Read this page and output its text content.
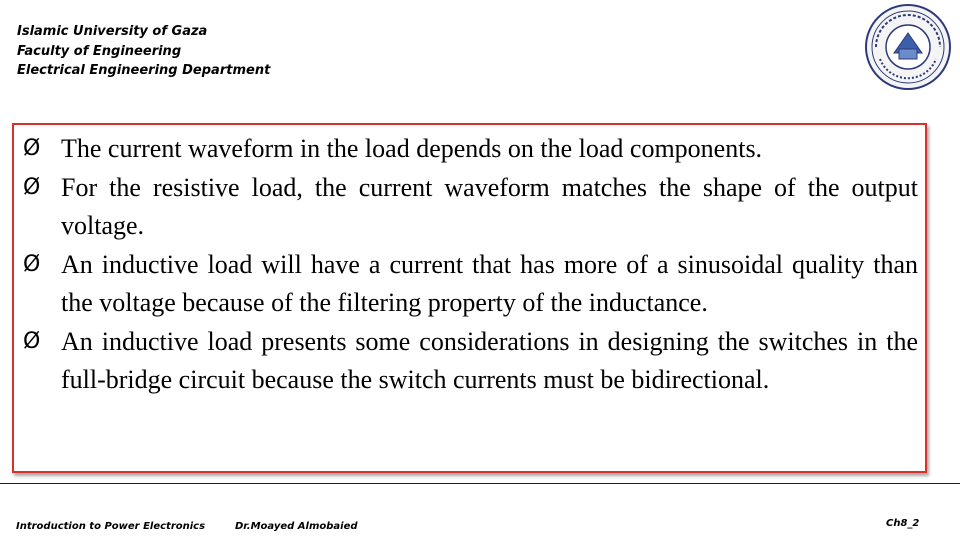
Islamic University of Gaza
Faculty of Engineering
Electrical Engineering Department
Ø The current waveform in the load depends on the load components.
Ø For the resistive load, the current waveform matches the shape of the output voltage.
Ø An inductive load will have a current that has more of a sinusoidal quality than the voltage because of the filtering property of the inductance.
Ø An inductive load presents some considerations in designing the switches in the full-bridge circuit because the switch currents must be bidirectional.
Introduction to Power Electronics	Dr.Moayed Almobaied	Ch8_2
